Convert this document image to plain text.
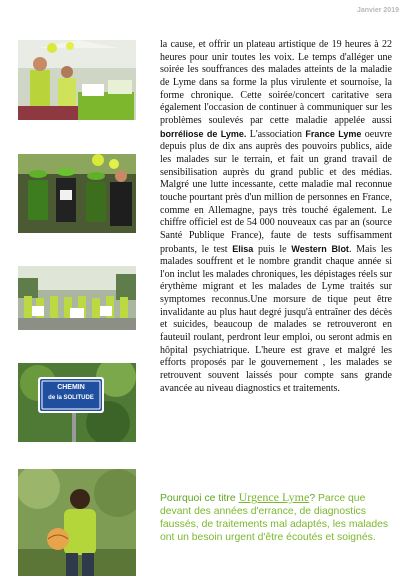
Janvier 2019
CHEMIN
de la SOLITUDE

la cause, et offrir un plateau artistique de 19 heures à 22 heures pour unir toutes les voix. Le temps d'alléger une soirée les souffrances des malades atteints de la maladie de Lyme dans sa forme la plus virulente et sournoise, la forme chronique. Cette soirée/concert caritative sera également l'occasion de continuer à communiquer sur les problèmes soulevés par cette maladie appelée aussi borréliose de Lyme. L'association France Lyme oeuvre depuis plus de dix ans auprès des pouvoirs publics, aide les malades sur le terrain, et fait un grand travail de sensibilisation auprès du grand public et des médias. Malgré une lutte incessante, cette maladie mal reconnue touche pourtant près d'un million de personnes en France, comme en Allemagne, pays très touché également. Le chiffre officiel est de 54 000 nouveaux cas par an (source Santé Publique France), faute de tests suffisamment probants, le test Elisa puis le Western Blot. Mais les malades souffrent et le nombre grandit chaque année si l'on inclut les malades chroniques, les dépistages réels sur érythème migrant et les malades de Lyme traités sur symptomes reconnus.Une morsure de tique peut être invalidante au plus haut degré jusqu'à entraîner des décès et suicides, beaucoup de malades se retrouveront en fauteuil roulant, perdront leur emploi, ou seront admis en hôpital psychiatrique. L'heure est grave et malgré les efforts proposés par le gouvernement , les malades se retrouvent souvent laissés pour compte sans grande avancée au niveau diagnostics et traitements.

Pourquoi ce titre Urgence Lyme? Parce que devant des années d'errance, de diagnostics faussés, de traitements mal adaptés, les malades ont un besoin urgent d'être écoutés et soignés.
